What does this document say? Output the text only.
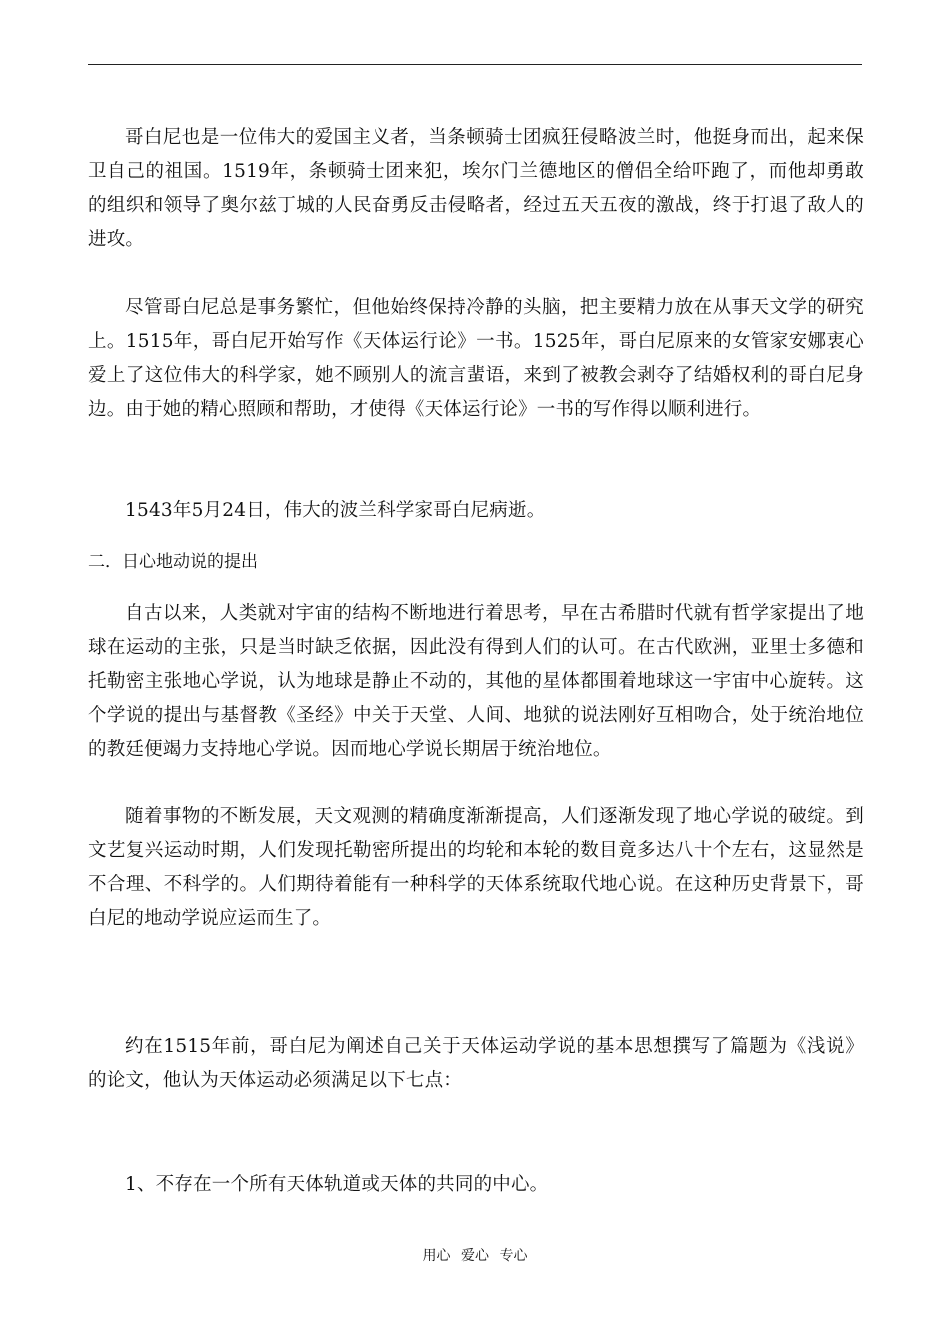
哥白尼也是一位伟大的爱国主义者，当条顿骑士团疯狂侵略波兰时，他挺身而出，起来保卫自己的祖国。1519年，条顿骑士团来犯，埃尔门兰德地区的僧侣全给吓跑了，而他却勇敢的组织和领导了奥尔兹丁城的人民奋勇反击侵略者，经过五天五夜的激战，终于打退了敌人的进攻。

尽管哥白尼总是事务繁忙，但他始终保持冷静的头脑，把主要精力放在从事天文学的研究上。1515年，哥白尼开始写作《天体运行论》一书。1525年，哥白尼原来的女管家安娜衷心爱上了这位伟大的科学家，她不顾别人的流言蜚语，来到了被教会剥夺了结婚权利的哥白尼身边。由于她的精心照顾和帮助，才使得《天体运行论》一书的写作得以顺利进行。

1543年5月24日，伟大的波兰科学家哥白尼病逝。

二．日心地动说的提出

自古以来，人类就对宇宙的结构不断地进行着思考，早在古希腊时代就有哲学家提出了地球在运动的主张，只是当时缺乏依据，因此没有得到人们的认可。在古代欧洲，亚里士多德和托勒密主张地心学说，认为地球是静止不动的，其他的星体都围着地球这一宇宙中心旋转。这个学说的提出与基督教《圣经》中关于天堂、人间、地狱的说法刚好互相吻合，处于统治地位的教廷便竭力支持地心学说。因而地心学说长期居于统治地位。

随着事物的不断发展，天文观测的精确度渐渐提高，人们逐渐发现了地心学说的破绽。到文艺复兴运动时期，人们发现托勒密所提出的均轮和本轮的数目竟多达八十个左右，这显然是不合理、不科学的。人们期待着能有一种科学的天体系统取代地心说。在这种历史背景下，哥白尼的地动学说应运而生了。

约在1515年前，哥白尼为阐述自己关于天体运动学说的基本思想撰写了篇题为《浅说》的论文，他认为天体运动必须满足以下七点：

1、不存在一个所有天体轨道或天体的共同的中心。

用心 爱心 专心
